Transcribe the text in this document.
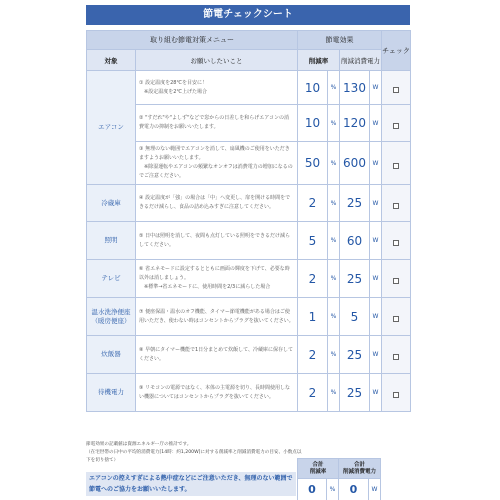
節電チェックシート
取り組む節電対策メニュー		節電効果				チェック
対象	お願いしたいこと	削減率		削減消費電力		
エアコン	① 設定温度を28℃を目安に！
　※設定温度を2℃上げた場合	10	%	130	W	
	② "すだれ"や"よしず"などで窓からの日差しを和らげエアコンの消費電力の抑制をお願いいたします。	10	%	120	W	
	③ 無理のない範囲でエアコンを消して、扇風機のご使用をいただきますようお願いいたします。
　※除湿運転やエアコンの頻繁なオンオフは消費電力の増加になるのでご注意ください。	50	%	600	W	
冷蔵庫	④ 設定温度が「強」の場合は「中」へ変更し、扉を開ける時間をできるだけ減らし、食品の詰め込みすぎに注意してください。	2	%	25	W	
照明	⑤ 日中は照明を消して、夜間も点灯している照明をできるだけ減らしてください。	5	%	60	W	
テレビ	⑥ 省エネモードに設定するとともに画面の輝度を下げて、必要な時以外は消しましょう。
　※標準→省エネモードに、使用時間を2/3に減らした場合	2	%	25	W	
温水洗浄便座
（暖房便座）	⑦ 便座保温・温水のオフ機能、タイマー節電機能がある場合はご使用いただき、使わない時はコンセントからプラグを抜いてください。	1	%	5	W	
炊飯器	⑧ 早朝にタイマー機能で1日分まとめて炊飯して、冷蔵庫に保存してください。	2	%	25	W	
待機電力	⑨ リモコンの電源ではなく、本体の主電源を切り、長時間使用しない機器についてはコンセントからプラグを抜いてください。	2	%	25	W	
節電効果の記載値は資源エネルギー庁の推計です。
（在宅世帯の日中の平均的消費電力[14時：約1,200W]に対する削減率と削減消費電力の目安、小数点以下を切り捨て）
エアコンの控えすぎによる熱中症などにご注意いただき、無理のない範囲で節電へのご協力をお願いいたします。
合計
削減率		合計
削減消費電力	
0	%	0	W
